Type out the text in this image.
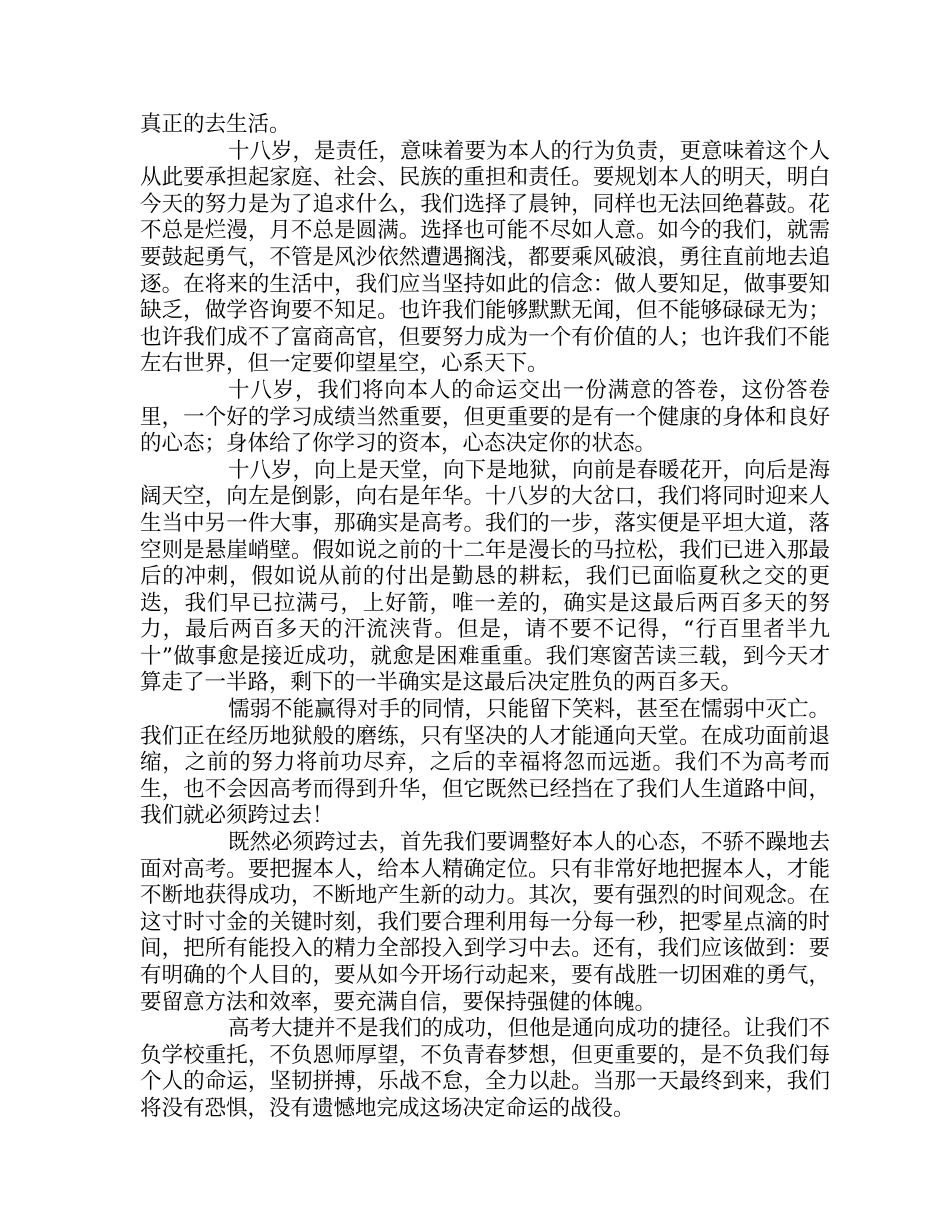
真正的去生活。

十八岁，是责任，意味着要为本人的行为负责，更意味着这个人从此要承担起家庭、社会、民族的重担和责任。要规划本人的明天，明白今天的努力是为了追求什么，我们选择了晨钟，同样也无法回绝暮鼓。花不总是烂漫，月不总是圆满。选择也可能不尽如人意。如今的我们，就需要鼓起勇气，不管是风沙依然遭遇搁浅，都要乘风破浪，勇往直前地去追逐。在将来的生活中，我们应当坚持如此的信念：做人要知足，做事要知缺乏，做学咨询要不知足。也许我们能够默默无闻，但不能够碌碌无为；也许我们成不了富商高官，但要努力成为一个有价值的人；也许我们不能左右世界，但一定要仰望星空，心系天下。

十八岁，我们将向本人的命运交出一份满意的答卷，这份答卷里，一个好的学习成绩当然重要，但更重要的是有一个健康的身体和良好的心态；身体给了你学习的资本，心态决定你的状态。

十八岁，向上是天堂，向下是地狱，向前是春暖花开，向后是海阔天空，向左是倒影，向右是年华。十八岁的大岔口，我们将同时迎来人生当中另一件大事，那确实是高考。我们的一步，落实便是平坦大道，落空则是悬崖峭壁。假如说之前的十二年是漫长的马拉松，我们已进入那最后的冲刺，假如说从前的付出是勤恳的耕耘，我们已面临夏秋之交的更迭，我们早已拉满弓，上好箭，唯一差的，确实是这最后两百多天的努力，最后两百多天的汗流浃背。但是，请不要不记得，“行百里者半九十”做事愈是接近成功，就愈是困难重重。我们寒窗苦读三载，到今天才算走了一半路，剩下的一半确实是这最后决定胜负的两百多天。

懦弱不能赢得对手的同情，只能留下笑料，甚至在懦弱中灭亡。我们正在经历地狱般的磨练，只有坚决的人才能通向天堂。在成功面前退缩，之前的努力将前功尽弃，之后的幸福将忽而远逝。我们不为高考而生，也不会因高考而得到升华，但它既然已经挡在了我们人生道路中间，我们就必须跨过去！

既然必须跨过去，首先我们要调整好本人的心态，不骄不躁地去面对高考。要把握本人，给本人精确定位。只有非常好地把握本人，才能不断地获得成功，不断地产生新的动力。其次，要有强烈的时间观念。在这寸时寸金的关键时刻，我们要合理利用每一分每一秒，把零星点滴的时间，把所有能投入的精力全部投入到学习中去。还有，我们应该做到：要有明确的个人目的，要从如今开场行动起来，要有战胜一切困难的勇气，要留意方法和效率，要充满自信，要保持强健的体魄。

高考大捷并不是我们的成功，但他是通向成功的捷径。让我们不负学校重托，不负恩师厚望，不负青春梦想，但更重要的，是不负我们每个人的命运，坚韧拼搏，乐战不怠，全力以赴。当那一天最终到来，我们将没有恐惧，没有遗憾地完成这场决定命运的战役。
